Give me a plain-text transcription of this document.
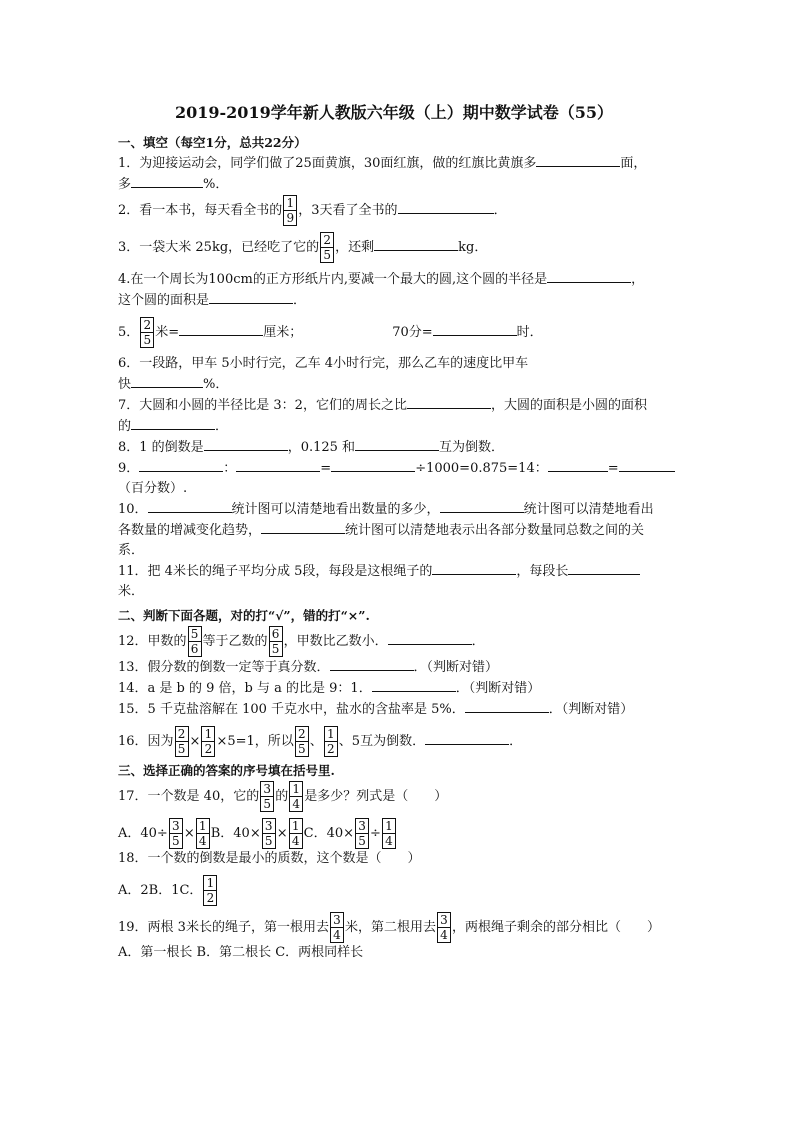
2019-2019学年新人教版六年级（上）期中数学试卷（55）
一、填空（每空1分，总共22分）
1．为迎接运动会，同学们做了25面黄旗，30面红旗，做的红旗比黄旗多	面，
多	%．
2．看一本书，每天看全书的 $\frac{1}{9}$ ，3天看了全书的	．
3．一袋大米 25kg，已经吃了它的 $\frac{2}{5}$ ，还剩	kg．
4.在一个周长为100cm的正方形纸片内,要减一个最大的圆,这个圆的半径是	，
这个圆的面积是	．
5． $\frac{2}{5}$ 米=	厘米；	70分=	时．
6．一段路，甲车 5小时行完，乙车 4小时行完，那么乙车的速度比甲车
快	%．
7．大圆和小圆的半径比是 3：2，它们的周长之比	，大圆的面积是小圆的面积
的	．
8．1 的倒数是	，0.125 和	互为倒数．
9．	：	=	÷1000=0.875=14：	=
（百分数）.
10．	统计图可以清楚地看出数量的多少，	统计图可以清楚地看出
各数量的增减变化趋势，	统计图可以清楚地表示出各部分数量同总数之间的关
系．
11．把 4米长的绳子平均分成 5段，每段是这根绳子的	，每段长
米．
二、判断下面各题，对的打“√”，错的打“×”.
12．甲数的 $\frac{5}{6}$ 等于乙数的 $\frac{6}{5}$ ，甲数比乙数小．	．
13．假分数的倒数一定等于真分数．	．（判断对错）
14．a 是 b 的 9 倍，b 与 a 的比是 9：1．	．（判断对错）
15．5 千克盐溶解在 100 千克水中，盐水的含盐率是 5%．	．（判断对错）
16．因为 $\frac{2}{5} \times \frac{1}{2} \times 5=1$，所以 $\frac{2}{5}$ 、 $\frac{1}{2}$ 、5互为倒数．	．
三、选择正确的答案的序号填在括号里.
17．一个数是 40，它的 $\frac{3}{5}$ 的 $\frac{1}{4}$ 是多少？列式是（　　）
A．$40\div \frac{3}{5} \times \frac{1}{4}$ B．$40\times \frac{3}{5} \times \frac{1}{4}$ C．$40\times \frac{3}{5} \div \frac{1}{4}$
18．一个数的倒数是最小的质数，这个数是（　　）
A．2B．1C． $\frac{1}{2}$
19．两根 3米长的绳子，第一根用去 $\frac{3}{4}$ 米，第二根用去 $\frac{3}{4}$ ，两根绳子剩余的部分相比（　　）
A．第一根长 B．第二根长 C．两根同样长
